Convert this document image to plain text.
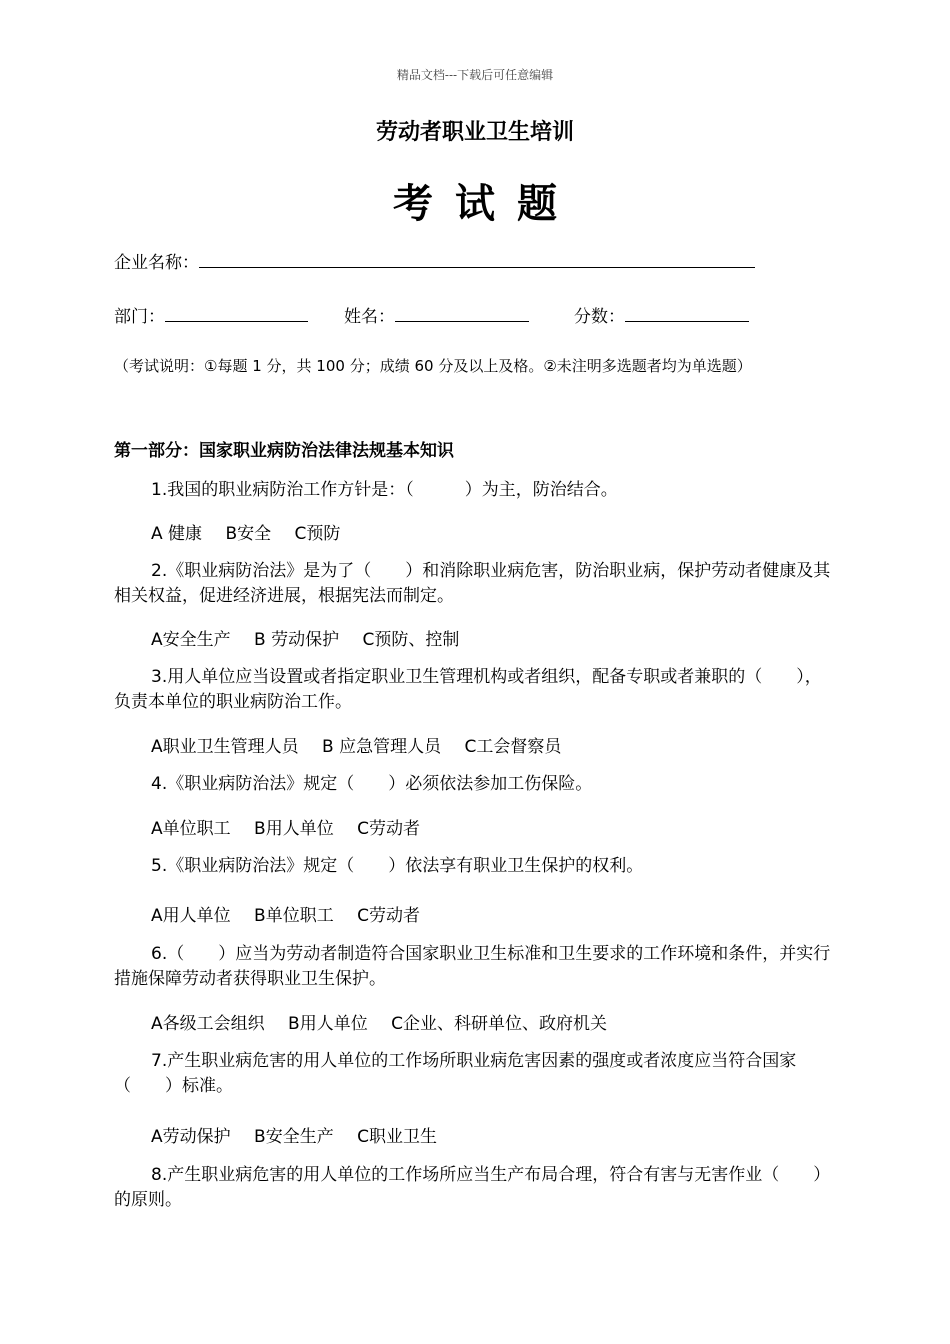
精品文档---下载后可任意编辑
劳动者职业卫生培训
考试题
企业名称：
部门：	姓名：	分数：
（考试说明：①每题 1 分，共 100 分；成绩 60 分及以上及格。②未注明多选题者均为单选题）
第一部分：国家职业病防治法律法规基本知识
1.我国的职业病防治工作方针是：（　　　）为主，防治结合。
A 健康 B安全 C预防
2.《职业病防治法》是为了（　　）和消除职业病危害，防治职业病，保护劳动者健康及其相关权益，促进经济进展，根据宪法而制定。
A安全生产 B 劳动保护 C预防、控制
3.用人单位应当设置或者指定职业卫生管理机构或者组织，配备专职或者兼职的（　　），负责本单位的职业病防治工作。
A职业卫生管理人员 B 应急管理人员 C工会督察员
4.《职业病防治法》规定（　　）必须依法参加工伤保险。
A单位职工 B用人单位 C劳动者
5.《职业病防治法》规定（　　）依法享有职业卫生保护的权利。
A用人单位 B单位职工 C劳动者
6.（　　）应当为劳动者制造符合国家职业卫生标准和卫生要求的工作环境和条件，并实行措施保障劳动者获得职业卫生保护。
A各级工会组织 B用人单位 C企业、科研单位、政府机关
7.产生职业病危害的用人单位的工作场所职业病危害因素的强度或者浓度应当符合国家（　　）标准。
A劳动保护 B安全生产 C职业卫生
8.产生职业病危害的用人单位的工作场所应当生产布局合理，符合有害与无害作业（　　）的原则。
